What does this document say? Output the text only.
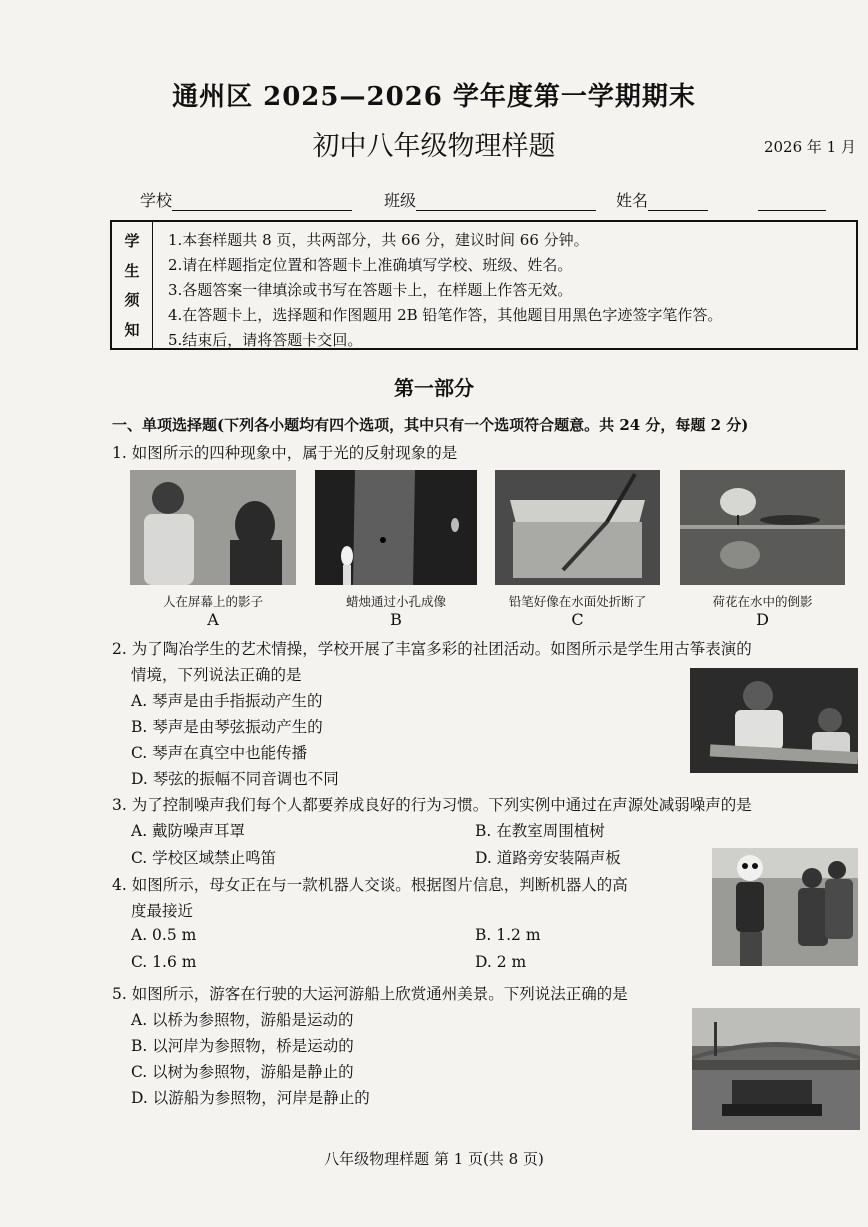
通州区 2025—2026 学年度第一学期期末
初中八年级物理样题	2026 年 1 月
学校	班级	姓名
学
生
须
知
1.本套样题共 8 页，共两部分，共 66 分，建议时间 66 分钟。
2.请在样题指定位置和答题卡上准确填写学校、班级、姓名。
3.各题答案一律填涂或书写在答题卡上，在样题上作答无效。
4.在答题卡上，选择题和作图题用 2B 铅笔作答，其他题目用黑色字迹签字笔作答。
5.结束后，请将答题卡交回。
第一部分
一、单项选择题(下列各小题均有四个选项，其中只有一个选项符合题意。共 24 分，每题 2 分)
1. 如图所示的四种现象中，属于光的反射现象的是
人在屏幕上的影子	蜡烛通过小孔成像	铅笔好像在水面处折断了	荷花在水中的倒影
A	B	C	D
2. 为了陶冶学生的艺术情操，学校开展了丰富多彩的社团活动。如图所示是学生用古筝表演的
情境，下列说法正确的是
A. 琴声是由手指振动产生的
B. 琴声是由琴弦振动产生的
C. 琴声在真空中也能传播
D. 琴弦的振幅不同音调也不同
3. 为了控制噪声我们每个人都要养成良好的行为习惯。下列实例中通过在声源处减弱噪声的是
A. 戴防噪声耳罩	B. 在教室周围植树
C. 学校区域禁止鸣笛	D. 道路旁安装隔声板
4. 如图所示，母女正在与一款机器人交谈。根据图片信息，判断机器人的高
度最接近
A. 0.5 m	B. 1.2 m
C. 1.6 m	D. 2 m
5. 如图所示，游客在行驶的大运河游船上欣赏通州美景。下列说法正确的是
A. 以桥为参照物，游船是运动的
B. 以河岸为参照物，桥是运动的
C. 以树为参照物，游船是静止的
D. 以游船为参照物，河岸是静止的
八年级物理样题 第 1 页(共 8 页)
